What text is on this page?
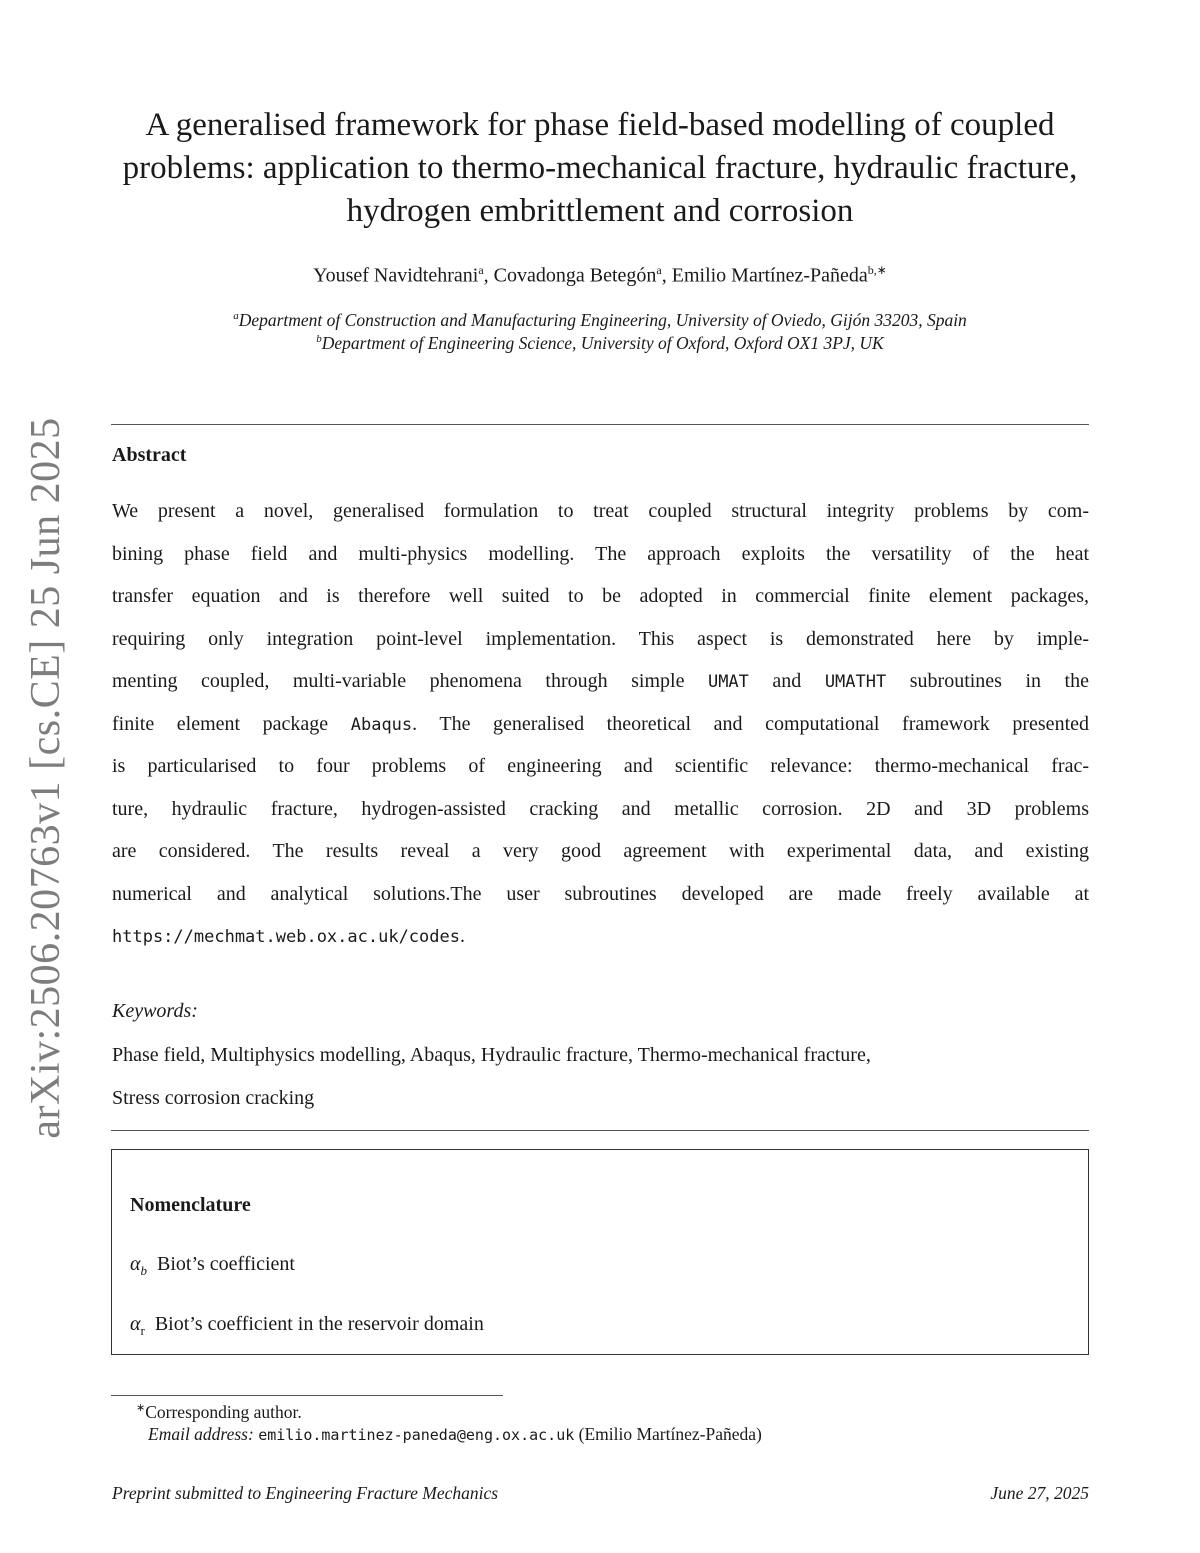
arXiv:2506.20763v1 [cs.CE] 25 Jun 2025
A generalised framework for phase field-based modelling of coupled
problems: application to thermo-mechanical fracture, hydraulic fracture,
hydrogen embrittlement and corrosion
Yousef Navidtehrani$^a$, Covadonga Betegón$^a$, Emilio Martínez-Pañeda$^{b,∗}$
$^a$Department of Construction and Manufacturing Engineering, University of Oviedo, Gijón 33203, Spain
$^b$Department of Engineering Science, University of Oxford, Oxford OX1 3PJ, UK
Abstract
We present a novel, generalised formulation to treat coupled structural integrity problems by com-
bining phase field and multi-physics modelling. The approach exploits the versatility of the heat
transfer equation and is therefore well suited to be adopted in commercial finite element packages,
requiring only integration point-level implementation. This aspect is demonstrated here by imple-
menting coupled, multi-variable phenomena through simple UMAT and UMATHT subroutines in the
finite element package Abaqus. The generalised theoretical and computational framework presented
is particularised to four problems of engineering and scientific relevance: thermo-mechanical frac-
ture, hydraulic fracture, hydrogen-assisted cracking and metallic corrosion. 2D and 3D problems
are considered. The results reveal a very good agreement with experimental data, and existing
numerical and analytical solutions.The user subroutines developed are made freely available at
https://mechmat.web.ox.ac.uk/codes.
Keywords:
Phase field, Multiphysics modelling, Abaqus, Hydraulic fracture, Thermo-mechanical fracture,
Stress corrosion cracking
Nomenclature
$\alpha_b$ Biot’s coefficient
$\alpha_r$ Biot’s coefficient in the reservoir domain
∗Corresponding author.
Email address: emilio.martinez-paneda@eng.ox.ac.uk (Emilio Martínez-Pañeda)
Preprint submitted to Engineering Fracture Mechanics	June 27, 2025
